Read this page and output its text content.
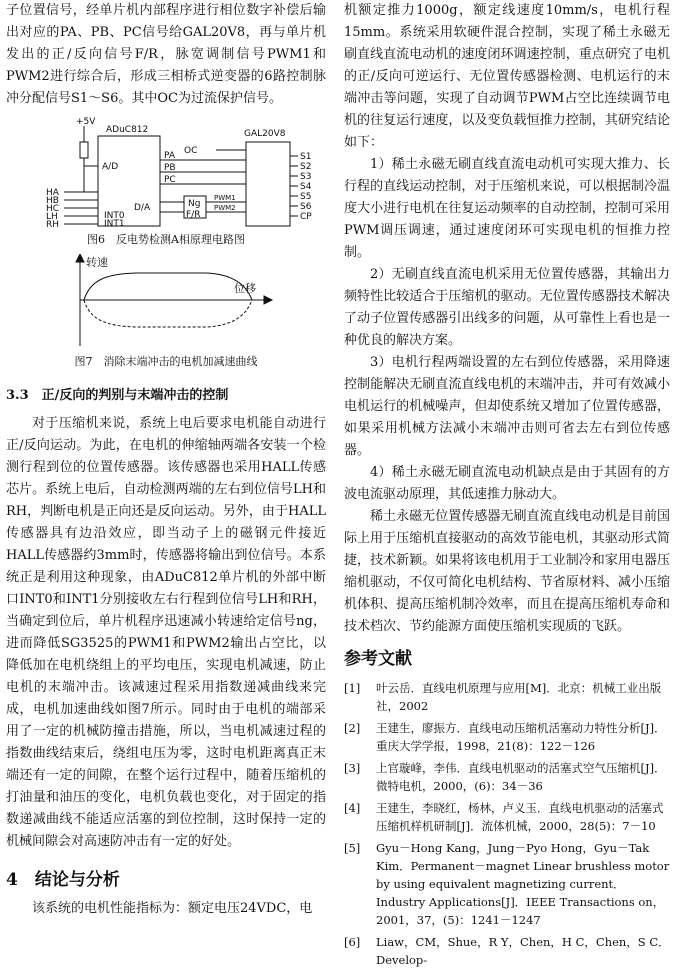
子位置信号，经单片机内部程序进行相位数字补偿后输出对应的PA、PB、PC信号给GAL20V8，再与单片机发出的正/反向信号F/R，脉宽调制信号PWM1和PWM2进行综合后，形成三相桥式逆变器的6路控制脉冲分配信号S1～S6。其中OC为过流保护信号。

+5V
ADuC812	GAL20V8
A/D
D/A	Ng
F/R
OC
HA
HB
HC
LH
RH
INT0
INT1
PA
PB
PC
PWM1
PWM2
S1
S2
S3
S4
S5
S6
CP
图6　反电势检测A相原理电路图
转速
位移
图7　消除末端冲击的电机加减速曲线
3.3　正/反向的判别与末端冲击的控制

对于压缩机来说，系统上电后要求电机能自动进行正/反向运动。为此，在电机的伸缩轴两端各安装一个检测行程到位的位置传感器。该传感器也采用HALL传感芯片。系统上电后，自动检测两端的左右到位信号LH和RH，判断电机是正向还是反向运动。另外，由于HALL传感器具有边沿效应，即当动子上的磁钢元件接近HALL传感器约3mm时，传感器将输出到位信号。本系统正是利用这种现象，由ADuC812单片机的外部中断口INT0和INT1分别接收左右行程到位信号LH和RH，当确定到位后，单片机程序迅速减小转速给定信号ng，进而降低SG3525的PWM1和PWM2输出占空比，以降低加在电机绕组上的平均电压，实现电机减速，防止电机的末端冲击。该减速过程采用指数递减曲线来完成，电机加速曲线如图7所示。同时由于电机的端部采用了一定的机械防撞击措施，所以，当电机减速过程的指数曲线结束后，绕组电压为零，这时电机距离真正末端还有一定的间隙，在整个运行过程中，随着压缩机的打油量和油压的变化，电机负载也变化，对于固定的指数递减曲线不能适应活塞的到位控制，这时保持一定的机械间隙会对高速防冲击有一定的好处。

4　结论与分析

该系统的电机性能指标为：额定电压24VDC，电

机额定推力1000g，额定线速度10mm/s，电机行程15mm。系统采用软硬件混合控制，实现了稀土永磁无刷直线直流电动机的速度闭环调速控制，重点研究了电机的正/反向可逆运行、无位置传感器检测、电机运行的末端冲击等问题，实现了自动调节PWM占空比连续调节电机的往复运行速度，以及变负载恒推力控制，其研究结论如下：

1）稀土永磁无刷直线直流电动机可实现大推力、长行程的直线运动控制，对于压缩机来说，可以根据制冷温度大小进行电机在往复运动频率的自动控制，控制可采用PWM调压调速，通过速度闭环可实现电机的恒推力控制。

2）无刷直线直流电机采用无位置传感器，其输出力频特性比较适合于压缩机的驱动。无位置传感器技术解决了动子位置传感器引出线多的问题，从可靠性上看也是一种优良的解决方案。

3）电机行程两端设置的左右到位传感器，采用降速控制能解决无刷直流直线电机的末端冲击，并可有效减小电机运行的机械噪声，但却使系统又增加了位置传感器，如果采用机械方法减小末端冲击则可省去左右到位传感器。

4）稀土永磁无刷直流电动机缺点是由于其固有的方波电流驱动原理，其低速推力脉动大。

稀土永磁无位置传感器无刷直流直线电动机是目前国际上用于压缩机直接驱动的高效节能电机，其驱动形式简捷，技术新颖。如果将该电机用于工业制冷和家用电器压缩机驱动，不仅可简化电机结构、节省原材料、减小压缩机体积、提高压缩机制冷效率，而且在提高压缩机寿命和技术档次、节约能源方面使压缩机实现质的飞跃。

参考文献
[1]	叶云岳．直线电机原理与应用[M]．北京：机械工业出版社，2002
[2]	王建生，廖振方．直线电动压缩机活塞动力特性分析[J]．重庆大学学报，1998，21(8)：122－126
[3]	上官璇峰，李伟．直线电机驱动的活塞式空气压缩机[J]．微特电机，2000，(6)：34－36
[4]	王建生，李晓红，杨林，卢义玉．直线电机驱动的活塞式压缩机样机研制[J]．流体机械，2000，28(5)：7－10
[5]	Gyu－Hong Kang，Jung－Pyo Hong，Gyu－Tak Kim．Permanent－magnet Linear brushless motor by using equivalent magnetizing current．Industry Applications[J]．IEEE Transactions on，2001，37，(5)：1241－1247
[6]	Liaw，CM，Shue，R Y，Chen，H C，Chen，S C．Develop-
